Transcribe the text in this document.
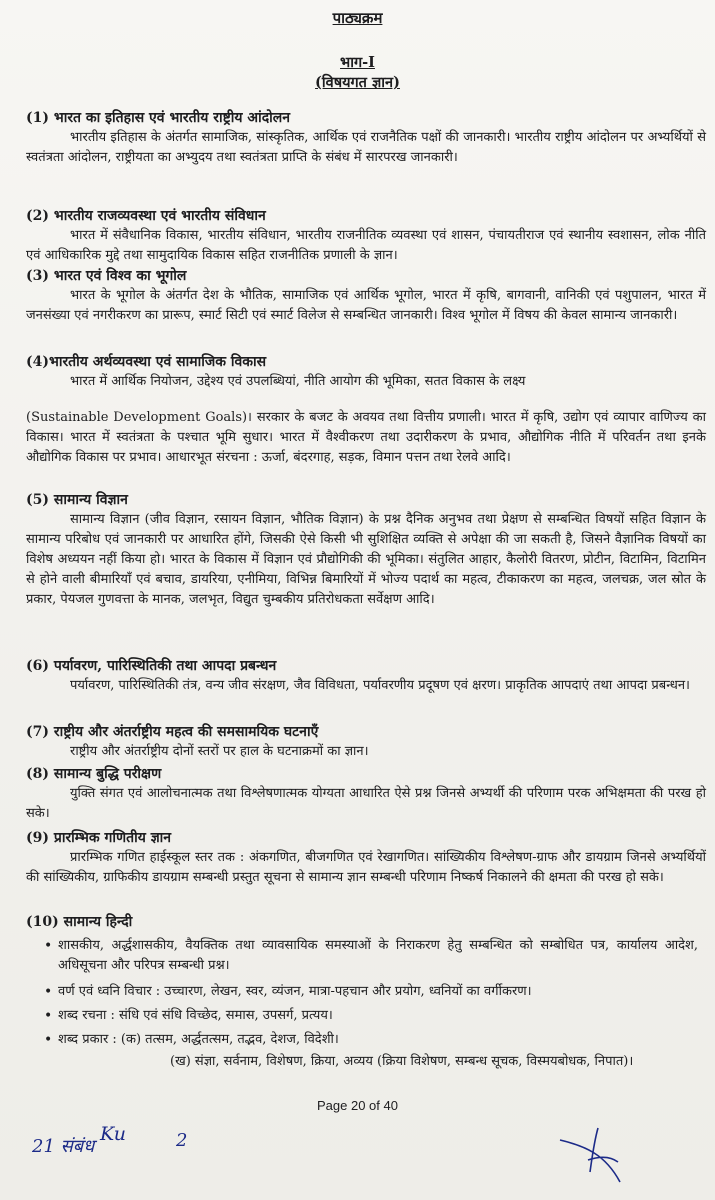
पाठ्यक्रम
भाग-I
(विषयगत ज्ञान)
(1) भारत का इतिहास एवं भारतीय राष्ट्रीय आंदोलन

भारतीय इतिहास के अंतर्गत सामाजिक, सांस्कृतिक, आर्थिक एवं राजनैतिक पक्षों की जानकारी। भारतीय राष्ट्रीय आंदोलन पर अभ्यर्थियों से स्वतंत्रता आंदोलन, राष्ट्रीयता का अभ्युदय तथा स्वतंत्रता प्राप्ति के संबंध में सारपरख जानकारी।

(2) भारतीय राजव्यवस्था एवं भारतीय संविधान

भारत में संवैधानिक विकास, भारतीय संविधान, भारतीय राजनीतिक व्यवस्था एवं शासन, पंचायतीराज एवं स्थानीय स्वशासन, लोक नीति एवं आधिकारिक मुद्दे तथा सामुदायिक विकास सहित राजनीतिक प्रणाली के ज्ञान।

(3) भारत एवं विश्व का भूगोल

भारत के भूगोल के अंतर्गत देश के भौतिक, सामाजिक एवं आर्थिक भूगोल, भारत में कृषि, बागवानी, वानिकी एवं पशुपालन, भारत में जनसंख्या एवं नगरीकरण का प्रारूप, स्मार्ट सिटी एवं स्मार्ट विलेज से सम्बन्धित जानकारी। विश्व भूगोल में विषय की केवल सामान्य जानकारी।

(4)भारतीय अर्थव्यवस्था एवं सामाजिक विकास

भारत में आर्थिक नियोजन, उद्देश्य एवं उपलब्धियां, नीति आयोग की भूमिका, सतत विकास के लक्ष्य

(Sustainable Development Goals)। सरकार के बजट के अवयव तथा वित्तीय प्रणाली। भारत में कृषि, उद्योग एवं व्यापार वाणिज्य का विकास। भारत में स्वतंत्रता के पश्चात भूमि सुधार। भारत में वैश्वीकरण तथा उदारीकरण के प्रभाव, औद्योगिक नीति में परिवर्तन तथा इनके औद्योगिक विकास पर प्रभाव। आधारभूत संरचना : ऊर्जा, बंदरगाह, सड़क, विमान पत्तन तथा रेलवे आदि।

(5) सामान्य विज्ञान

सामान्य विज्ञान (जीव विज्ञान, रसायन विज्ञान, भौतिक विज्ञान) के प्रश्न दैनिक अनुभव तथा प्रेक्षण से सम्बन्धित विषयों सहित विज्ञान के सामान्य परिबोध एवं जानकारी पर आधारित होंगे, जिसकी ऐसे किसी भी सुशिक्षित व्यक्ति से अपेक्षा की जा सकती है, जिसने वैज्ञानिक विषयों का विशेष अध्ययन नहीं किया हो। भारत के विकास में विज्ञान एवं प्रौद्योगिकी की भूमिका। संतुलित आहार, कैलोरी वितरण, प्रोटीन, विटामिन, विटामिन से होने वाली बीमारियाँ एवं बचाव, डायरिया, एनीमिया, विभिन्न बिमारियों में भोज्य पदार्थ का महत्व, टीकाकरण का महत्व, जलचक्र, जल स्रोत के प्रकार, पेयजल गुणवत्ता के मानक, जलभृत, विद्युत चुम्बकीय प्रतिरोधकता सर्वेक्षण आदि।

(6) पर्यावरण, पारिस्थितिकी तथा आपदा प्रबन्धन

पर्यावरण, पारिस्थितिकी तंत्र, वन्य जीव संरक्षण, जैव विविधता, पर्यावरणीय प्रदूषण एवं क्षरण। प्राकृतिक आपदाएं तथा आपदा प्रबन्धन।

(7) राष्ट्रीय और अंतर्राष्ट्रीय महत्व की समसामयिक घटनाएँ

राष्ट्रीय और अंतर्राष्ट्रीय दोनों स्तरों पर हाल के घटनाक्रमों का ज्ञान।

(8) सामान्य बुद्धि परीक्षण

युक्ति संगत एवं आलोचनात्मक तथा विश्लेषणात्मक योग्यता आधारित ऐसे प्रश्न जिनसे अभ्यर्थी की परिणाम परक अभिक्षमता की परख हो सके।

(9) प्रारम्भिक गणितीय ज्ञान

प्रारम्भिक गणित हाईस्कूल स्तर तक : अंकगणित, बीजगणित एवं रेखागणित। सांख्यिकीय विश्लेषण-ग्राफ और डायग्राम जिनसे अभ्यर्थियों की सांख्यिकीय, ग्राफिकीय डायग्राम सम्बन्धी प्रस्तुत सूचना से सामान्य ज्ञान सम्बन्धी परिणाम निष्कर्ष निकालने की क्षमता की परख हो सके।

(10) सामान्य हिन्दी
• शासकीय, अर्द्धशासकीय, वैयक्तिक तथा व्यावसायिक समस्याओं के निराकरण हेतु सम्बन्धित को सम्बोधित पत्र, कार्यालय आदेश, अधिसूचना और परिपत्र सम्बन्धी प्रश्न।
• वर्ण एवं ध्वनि विचार : उच्चारण, लेखन, स्वर, व्यंजन, मात्रा-पहचान और प्रयोग, ध्वनियों का वर्गीकरण।
• शब्द रचना : संधि एवं संधि विच्छेद, समास, उपसर्ग, प्रत्यय।
• शब्द प्रकार : (क) तत्सम, अर्द्धतत्सम, तद्भव, देशज, विदेशी।
(ख) संज्ञा, सर्वनाम, विशेषण, क्रिया, अव्यय (क्रिया विशेषण, सम्बन्ध सूचक, विस्मयबोधक, निपात)।
Page 20 of 40
21 संबंध
Ku	2
